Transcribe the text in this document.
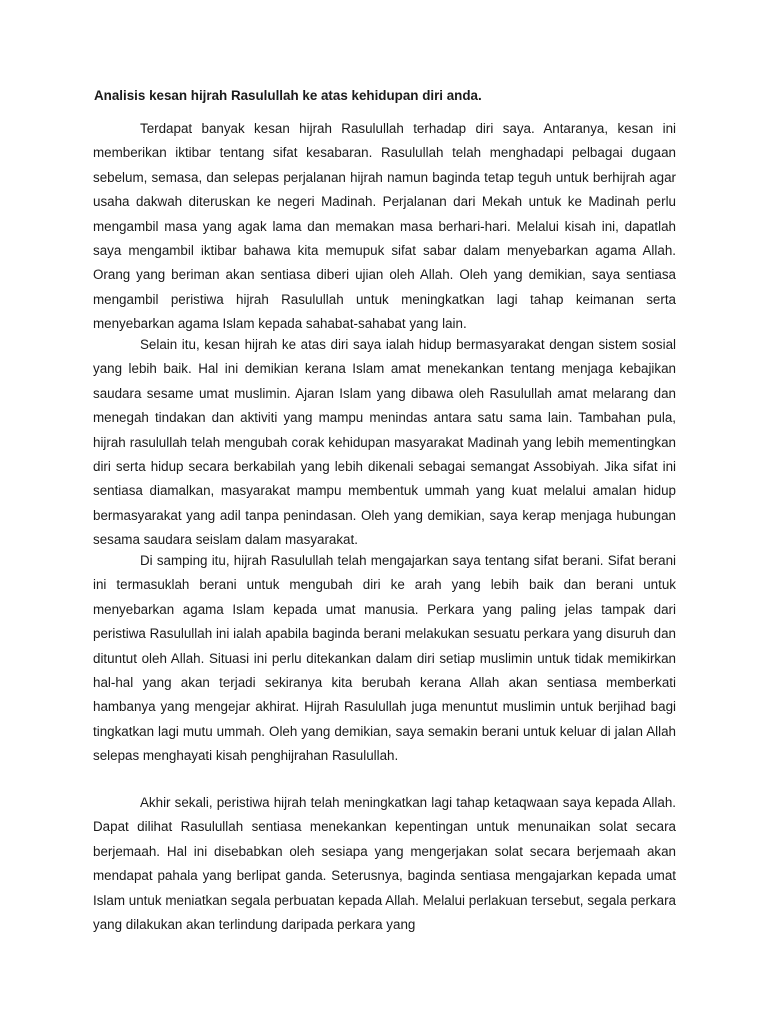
Analisis kesan hijrah Rasulullah ke atas kehidupan diri anda.

Terdapat banyak kesan hijrah Rasulullah terhadap diri saya. Antaranya, kesan ini memberikan iktibar tentang sifat kesabaran. Rasulullah telah menghadapi pelbagai dugaan sebelum, semasa, dan selepas perjalanan hijrah namun baginda tetap teguh untuk berhijrah agar usaha dakwah diteruskan ke negeri Madinah. Perjalanan dari Mekah untuk ke Madinah perlu mengambil masa yang agak lama dan memakan masa berhari-hari. Melalui kisah ini, dapatlah saya mengambil iktibar bahawa kita memupuk sifat sabar dalam menyebarkan agama Allah. Orang yang beriman akan sentiasa diberi ujian oleh Allah. Oleh yang demikian, saya sentiasa mengambil peristiwa hijrah Rasulullah untuk meningkatkan lagi tahap keimanan serta menyebarkan agama Islam kepada sahabat-sahabat yang lain.

Selain itu, kesan hijrah ke atas diri saya ialah hidup bermasyarakat dengan sistem sosial yang lebih baik. Hal ini demikian kerana Islam amat menekankan tentang menjaga kebajikan saudara sesame umat muslimin. Ajaran Islam yang dibawa oleh Rasulullah amat melarang dan menegah tindakan dan aktiviti yang mampu menindas antara satu sama lain. Tambahan pula, hijrah rasulullah telah mengubah corak kehidupan masyarakat Madinah yang lebih mementingkan diri serta hidup secara berkabilah yang lebih dikenali sebagai semangat Assobiyah. Jika sifat ini sentiasa diamalkan, masyarakat mampu membentuk ummah yang kuat melalui amalan hidup bermasyarakat yang adil tanpa penindasan. Oleh yang demikian, saya kerap menjaga hubungan sesama saudara seislam dalam masyarakat.

Di samping itu, hijrah Rasulullah telah mengajarkan saya tentang sifat berani. Sifat berani ini termasuklah berani untuk mengubah diri ke arah yang lebih baik dan berani untuk menyebarkan agama Islam kepada umat manusia. Perkara yang paling jelas tampak dari peristiwa Rasulullah ini ialah apabila baginda berani melakukan sesuatu perkara yang disuruh dan dituntut oleh Allah. Situasi ini perlu ditekankan dalam diri setiap muslimin untuk tidak memikirkan hal-hal yang akan terjadi sekiranya kita berubah kerana Allah akan sentiasa memberkati hambanya yang mengejar akhirat. Hijrah Rasulullah juga menuntut muslimin untuk berjihad bagi tingkatkan lagi mutu ummah. Oleh yang demikian, saya semakin berani untuk keluar di jalan Allah selepas menghayati kisah penghijrahan Rasulullah.

Akhir sekali, peristiwa hijrah telah meningkatkan lagi tahap ketaqwaan saya kepada Allah. Dapat dilihat Rasulullah sentiasa menekankan kepentingan untuk menunaikan solat secara berjemaah. Hal ini disebabkan oleh sesiapa yang mengerjakan solat secara berjemaah akan mendapat pahala yang berlipat ganda. Seterusnya, baginda sentiasa mengajarkan kepada umat Islam untuk meniatkan segala perbuatan kepada Allah. Melalui perlakuan tersebut, segala perkara yang dilakukan akan terlindung daripada perkara yang
